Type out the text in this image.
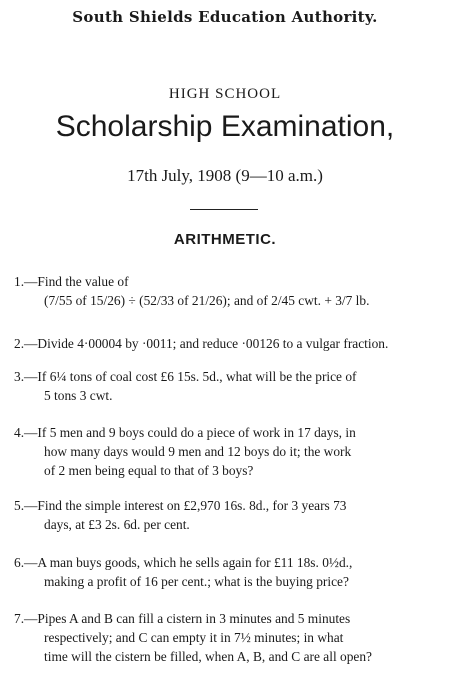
South Shields Education Authority.
HIGH SCHOOL
Scholarship Examination,
17th July, 1908 (9—10 a.m.)
ARITHMETIC.
1.—Find the value of
(7/55 of 15/26) ÷ (52/33 of 21/26); and of 2/45 cwt. + 3/7 lb.
2.—Divide 4·00004 by ·0011; and reduce ·00126 to a vulgar fraction.
3.—If 6¼ tons of coal cost £6 15s. 5d., what will be the price of
5 tons 3 cwt.
4.—If 5 men and 9 boys could do a piece of work in 17 days, in
how many days would 9 men and 12 boys do it; the work
of 2 men being equal to that of 3 boys?
5.—Find the simple interest on £2,970 16s. 8d., for 3 years 73
days, at £3 2s. 6d. per cent.
6.—A man buys goods, which he sells again for £11 18s. 0½d.,
making a profit of 16 per cent.; what is the buying price?
7.—Pipes A and B can fill a cistern in 3 minutes and 5 minutes
respectively; and C can empty it in 7½ minutes; in what
time will the cistern be filled, when A, B, and C are all open?
